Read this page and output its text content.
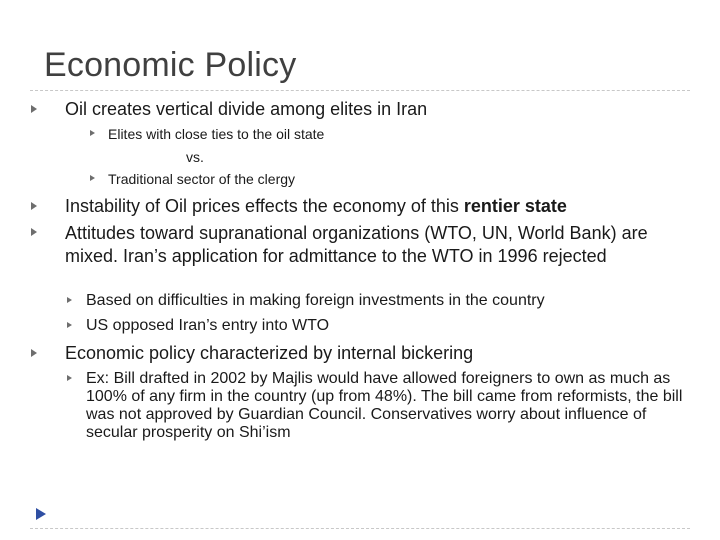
Economic Policy
Oil creates vertical divide among elites in Iran
Elites with close ties to the oil state
vs.
Traditional sector of the clergy
Instability of Oil prices effects the economy of this rentier state
Attitudes toward supranational organizations (WTO, UN, World Bank) are mixed. Iran’s application for admittance to the WTO in 1996 rejected
Based on difficulties in making foreign investments in the country
US opposed Iran’s entry into WTO
Economic policy characterized by internal bickering
Ex: Bill drafted in 2002 by Majlis would have allowed foreigners to own as much as 100% of any firm in the country (up from 48%). The bill came from reformists, the bill was not approved by Guardian Council. Conservatives worry about influence of secular prosperity on Shi’ism
